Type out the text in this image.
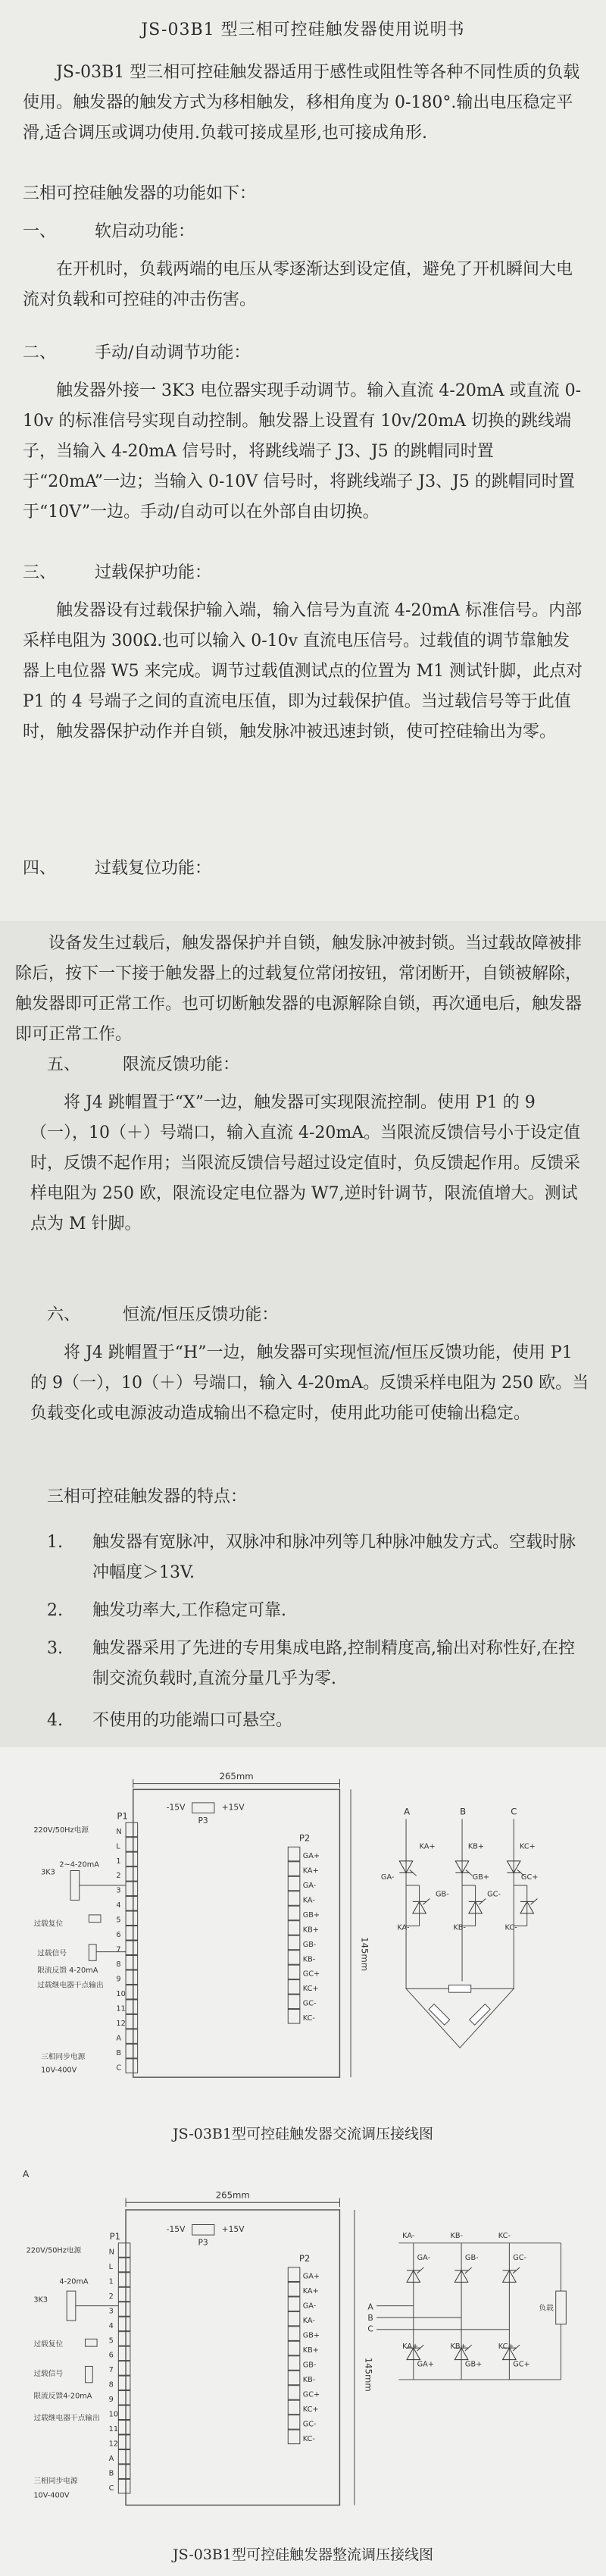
JS-03B1 型三相可控硅触发器使用说明书
JS-03B1 型三相可控硅触发器适用于感性或阻性等各种不同性质的负载使用。触发器的触发方式为移相触发，移相角度为 0-180°.输出电压稳定平滑,适合调压或调功使用.负载可接成星形,也可接成角形.
三相可控硅触发器的功能如下：
一、 软启动功能：
在开机时，负载两端的电压从零逐渐达到设定值，避免了开机瞬间大电流对负载和可控硅的冲击伤害。
二、 手动/自动调节功能：
触发器外接一 3K3 电位器实现手动调节。输入直流 4-20mA 或直流 0-10v 的标准信号实现自动控制。触发器上设置有 10v/20mA 切换的跳线端子，当输入 4-20mA 信号时，将跳线端子 J3、J5 的跳帽同时置于“20mA”一边；当输入 0-10V 信号时，将跳线端子 J3、J5 的跳帽同时置于“10V”一边。手动/自动可以在外部自由切换。
三、 过载保护功能：
触发器设有过载保护输入端，输入信号为直流 4-20mA 标准信号。内部采样电阻为 300Ω.也可以输入 0-10v 直流电压信号。过载值的调节靠触发器上电位器 W5 来完成。调节过载值测试点的位置为 M1 测试针脚，此点对 P1 的 4 号端子之间的直流电压值，即为过载保护值。当过载信号等于此值时，触发器保护动作并自锁，触发脉冲被迅速封锁，使可控硅输出为零。
四、 过载复位功能：
设备发生过载后，触发器保护并自锁，触发脉冲被封锁。当过载故障被排除后，按下一下接于触发器上的过载复位常闭按钮，常闭断开，自锁被解除，触发器即可正常工作。也可切断触发器的电源解除自锁，再次通电后，触发器即可正常工作。
五、	限流反馈功能：
将 J4 跳帽置于“X”一边，触发器可实现限流控制。使用 P1 的 9（一），10（＋）号端口，输入直流 4-20mA。当限流反馈信号小于设定值时，反馈不起作用；当限流反馈信号超过设定值时，负反馈起作用。反馈采样电阻为 250 欧，限流设定电位器为 W7,逆时针调节，限流值增大。测试点为 M 针脚。
六、	恒流/恒压反馈功能：
将 J4 跳帽置于“H”一边，触发器可实现恒流/恒压反馈功能，使用 P1 的 9（一），10（＋）号端口，输入 4-20mA。反馈采样电阻为 250 欧。当负载变化或电源波动造成输出不稳定时，使用此功能可使输出稳定。
三相可控硅触发器的特点：
1. 触发器有宽脉冲，双脉冲和脉冲列等几种脉冲触发方式。空载时脉冲幅度＞13V.
2. 触发功率大,工作稳定可靠.
3. 触发器采用了先进的专用集成电路,控制精度高,输出对称性好,在控制交流负载时,直流分量几乎为零.
4. 不使用的功能端口可悬空。
265mm
145mm
-15V	+15V
P3
P1
N
L
1
2
3
4
5
6
7
8
9
10
11
12
A
B
C
P2
GA+
KA+
GA-
KA-
GB+
KB+
GB-
KB-
GC+
KC+
GC-
KC-
220V/50Hz电源
3K3
2~4-20mA
过载复位
过载信号
限流反馈 4-20mA
过载继电器干点输出
三相同步电源
10V-400V
A	B	C
KA+	KB+	KC+
GA-	GB+	GC+
GB-	GC-
KA-	KB-	KC-
JS-03B1型可控硅触发器交流调压接线图
A
265mm
145mm
-15V	+15V
P3
P1
N
L
1
2
3
4
5
6
7
8
9
10
11
12
A
B
C
P2
GA+
KA+
GA-
KA-
GB+
KB+
GB-
KB-
GC+
KC+
GC-
KC-
220V/50Hz电源
4-20mA
3K3
过载复位
过载信号
限流反馈4-20mA
过载继电器干点输出
三相同步电源
10V-400V
KA-	KB-	KC-
GA-	GB-	GC-
A
B
C
KA+	KB+	KC+
GA+	GB+	GC+
负载
JS-03B1型可控硅触发器整流调压接线图
